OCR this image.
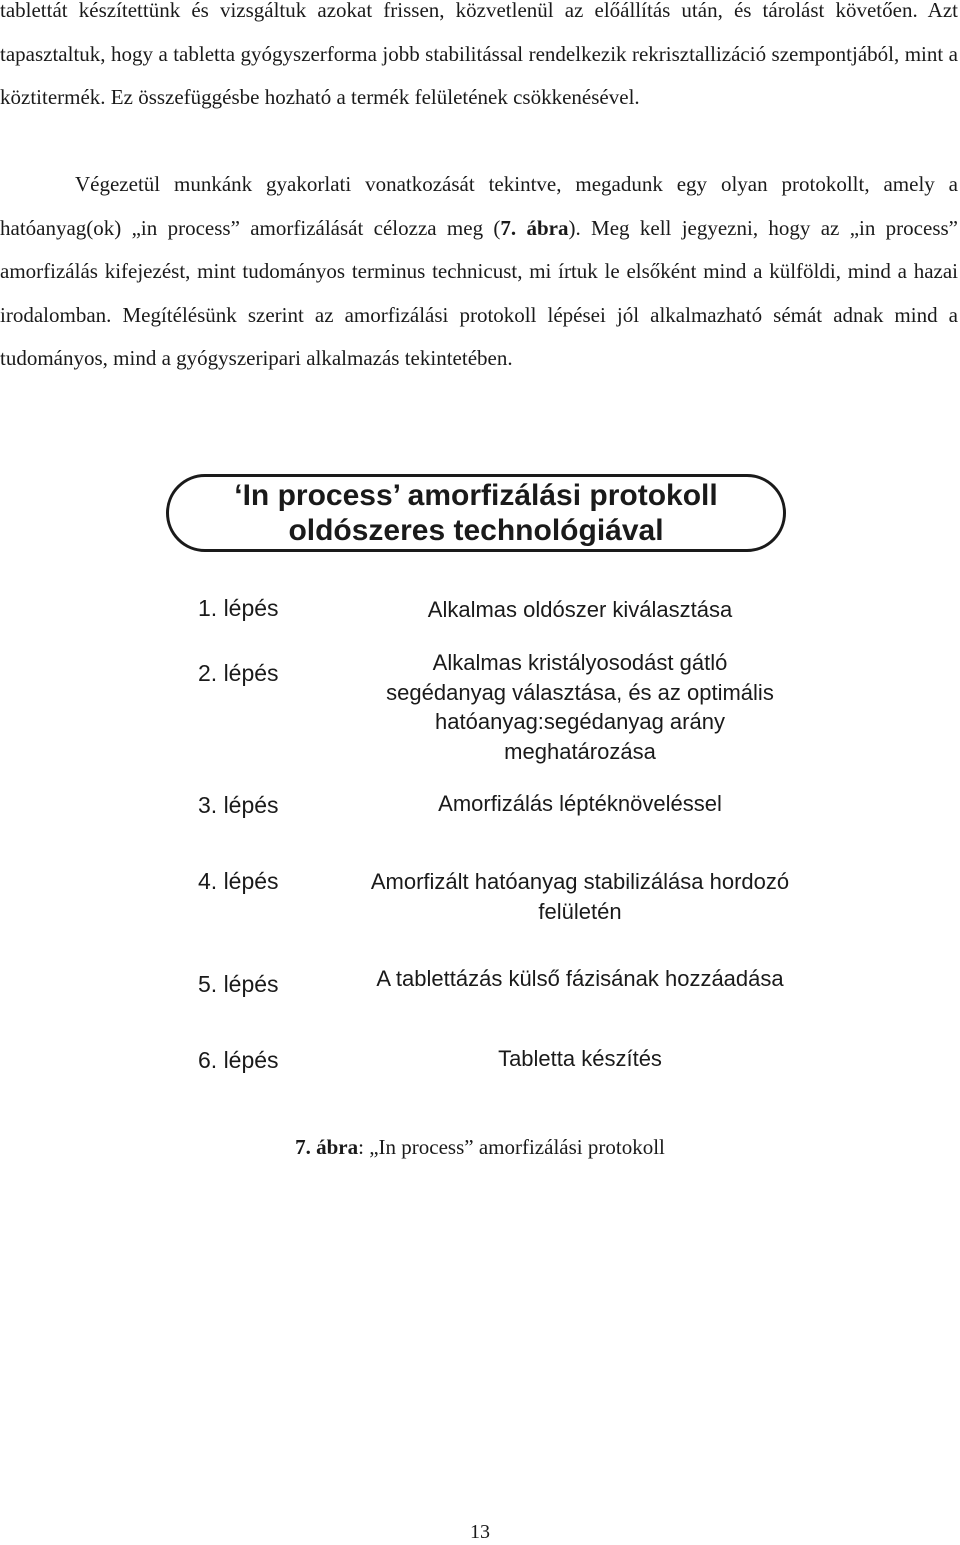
tablettát készítettünk és vizsgáltuk azokat frissen, közvetlenül az előállítás után, és tárolást követően. Azt tapasztaltuk, hogy a tabletta gyógyszerforma jobb stabilitással rendelkezik rekrisztallizáció szempontjából, mint a köztitermék. Ez összefüggésbe hozható a termék felületének csökkenésével.

Végezetül munkánk gyakorlati vonatkozását tekintve, megadunk egy olyan protokollt, amely a hatóanyag(ok) „in process” amorfizálását célozza meg (7. ábra). Meg kell jegyezni, hogy az „in process” amorfizálás kifejezést, mint tudományos terminus technicust, mi írtuk le elsőként mind a külföldi, mind a hazai irodalomban. Megítélésünk szerint az amorfizálási protokoll lépései jól alkalmazható sémát adnak mind a tudományos, mind a gyógyszeripari alkalmazás tekintetében.

‘In process’ amorfizálási protokoll
oldószeres technológiával
1. lépés	Alkalmas oldószer kiválasztása
2. lépés	Alkalmas kristályosodást gátló segédanyag választása, és az optimális hatóanyag:segédanyag arány meghatározása
3. lépés	Amorfizálás léptéknöveléssel
4. lépés	Amorfizált hatóanyag stabilizálása hordozó felületén
5. lépés	A tablettázás külső fázisának hozzáadása
6. lépés	Tabletta készítés
7. ábra: „In process” amorfizálási protokoll
13
